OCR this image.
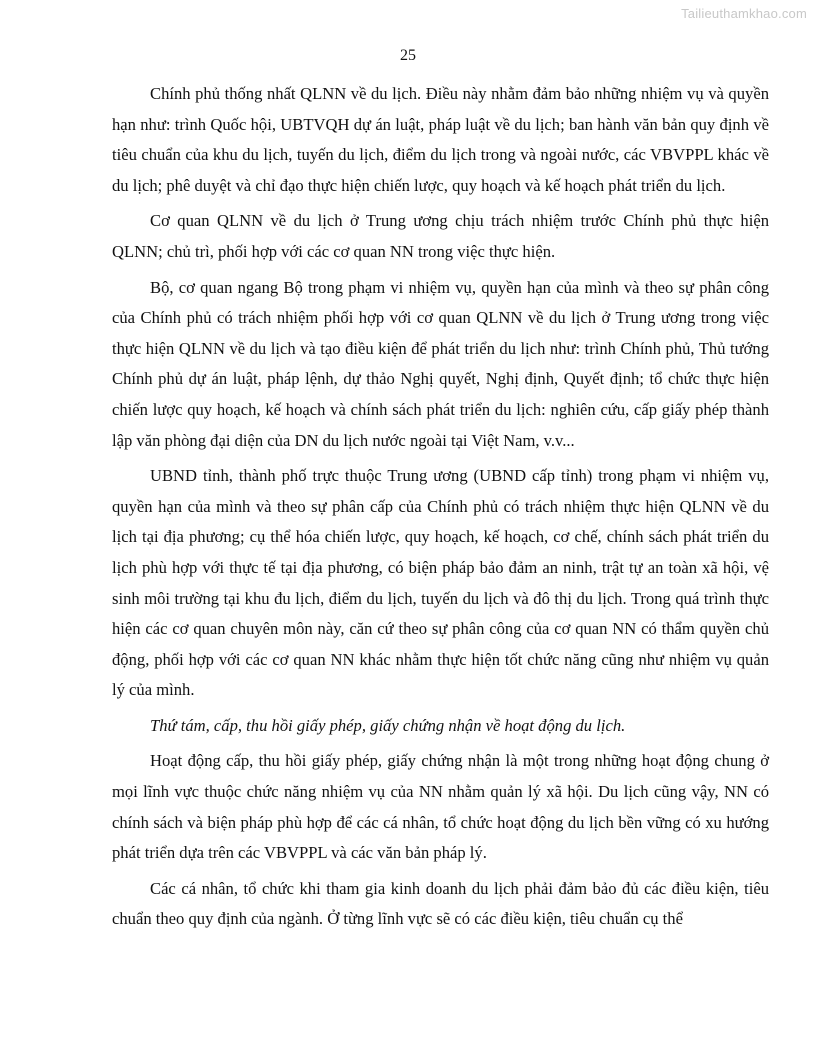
Tailieuthamkhao.com
25

Chính phủ thống nhất QLNN về du lịch. Điều này nhằm đảm bảo những nhiệm vụ và quyền hạn như: trình Quốc hội, UBTVQH dự án luật, pháp luật về du lịch; ban hành văn bản quy định về tiêu chuẩn của khu du lịch, tuyến du lịch, điểm du lịch trong và ngoài nước, các VBVPPL khác về du lịch; phê duyệt và chỉ đạo thực hiện chiến lược, quy hoạch và kế hoạch phát triển du lịch.

Cơ quan QLNN về du lịch ở Trung ương chịu trách nhiệm trước Chính phủ thực hiện QLNN; chủ trì, phối hợp với các cơ quan NN trong việc thực hiện.

Bộ, cơ quan ngang Bộ trong phạm vi nhiệm vụ, quyền hạn của mình và theo sự phân công của Chính phủ có trách nhiệm phối hợp với cơ quan QLNN về du lịch ở Trung ương trong việc thực hiện QLNN về du lịch và tạo điều kiện để phát triển du lịch như: trình Chính phủ, Thủ tướng Chính phủ dự án luật, pháp lệnh, dự thảo Nghị quyết, Nghị định, Quyết định; tổ chức thực hiện chiến lược quy hoạch, kế hoạch và chính sách phát triển du lịch: nghiên cứu, cấp giấy phép thành lập văn phòng đại diện của DN du lịch nước ngoài tại Việt Nam, v.v...

UBND tỉnh, thành phố trực thuộc Trung ương (UBND cấp tỉnh) trong phạm vi nhiệm vụ, quyền hạn của mình và theo sự phân cấp của Chính phủ có trách nhiệm thực hiện QLNN về du lịch tại địa phương; cụ thể hóa chiến lược, quy hoạch, kế hoạch, cơ chế, chính sách phát triển du lịch phù hợp với thực tế tại địa phương, có biện pháp bảo đảm an ninh, trật tự an toàn xã hội, vệ sinh môi trường tại khu đu lịch, điểm du lịch, tuyến du lịch và đô thị du lịch. Trong quá trình thực hiện các cơ quan chuyên môn này, căn cứ theo sự phân công của cơ quan NN có thẩm quyền chủ động, phối hợp với các cơ quan NN khác nhằm thực hiện tốt chức năng cũng như nhiệm vụ quản lý của mình.

Thứ tám, cấp, thu hồi giấy phép, giấy chứng nhận về hoạt động du lịch.

Hoạt động cấp, thu hồi giấy phép, giấy chứng nhận là một trong những hoạt động chung ở mọi lĩnh vực thuộc chức năng nhiệm vụ của NN nhằm quản lý xã hội. Du lịch cũng vậy, NN có chính sách và biện pháp phù hợp để các cá nhân, tổ chức hoạt động du lịch bền vững có xu hướng phát triển dựa trên các VBVPPL và các văn bản pháp lý.

Các cá nhân, tổ chức khi tham gia kinh doanh du lịch phải đảm bảo đủ các điều kiện, tiêu chuẩn theo quy định của ngành. Ở từng lĩnh vực sẽ có các điều kiện, tiêu chuẩn cụ thể
